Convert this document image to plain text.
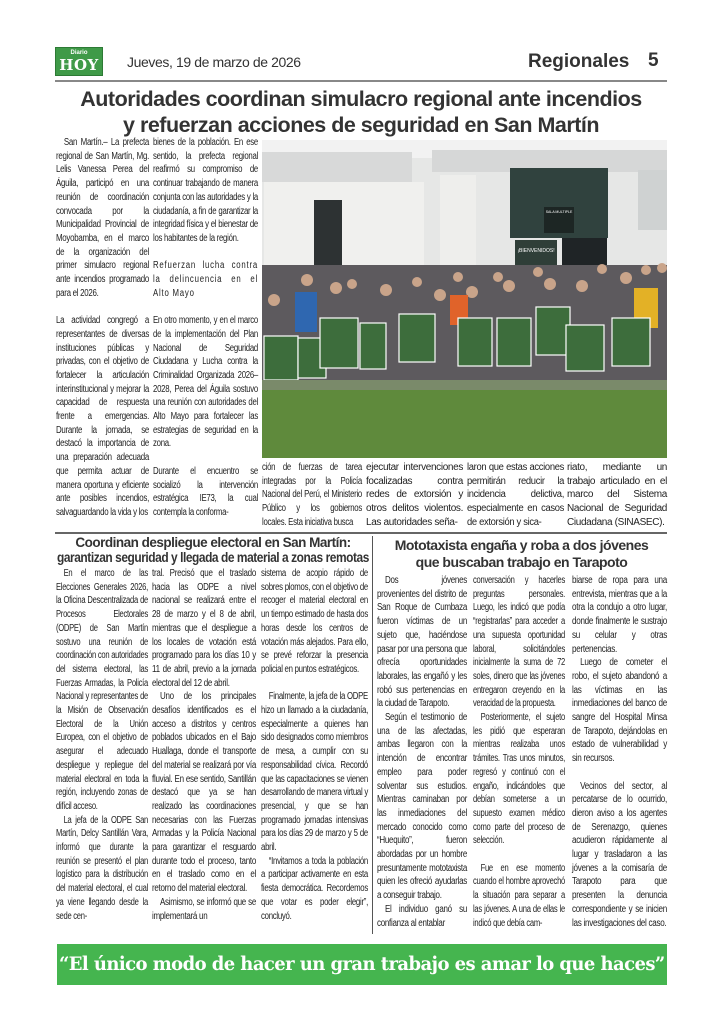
Diario
HOY Jueves, 19 de marzo de 2026	Regionales 5
Autoridades coordinan simulacro regional ante incendios
y refuerzan acciones de seguridad en San Martín

San Martín.– La prefecta regional de San Martín, Mg. Lelis Vanessa Perea del Águila, participó en una reunión de coordinación convocada por la Municipalidad Provincial de Moyobamba, en el marco de la organización del primer simulacro regional ante incendios programado para el 2026.

La actividad congregó a representantes de diversas instituciones públicas y privadas, con el objetivo de fortalecer la articulación interinstitucional y mejorar la capacidad de respuesta frente a emergencias. Durante la jornada, se destacó la importancia de una preparación adecuada que permita actuar de manera oportuna y eficiente ante posibles incendios, salvaguardando la vida y los

bienes de la población. En ese sentido, la prefecta regional reafirmó su compromiso de continuar trabajando de manera conjunta con las autoridades y la ciudadanía, a fin de garantizar la integridad física y el bienestar de los habitantes de la región.

Refuerzan lucha contra la delincuencia en el Alto Mayo

En otro momento, y en el marco de la implementación del Plan Nacional de Seguridad Ciudadana y Lucha contra la Criminalidad Organizada 2026–2028, Perea del Águila sostuvo una reunión con autoridades del Alto Mayo para fortalecer las estrategias de seguridad en la zona.

Durante el encuentro se socializó la intervención estratégica IE73, la cual contempla la conforma-

SALA MULTIPLE
¡BIENVENIDOS!

ción de fuerzas de tarea integradas por la Policía Nacional del Perú, el Ministerio Público y los gobiernos locales. Esta iniciativa busca

ejecutar intervenciones focalizadas contra redes de extorsión y otros delitos violentos. Las autoridades seña-

laron que estas acciones permitirán reducir la incidencia delictiva, especialmente en casos de extorsión y sica-

riato, mediante un trabajo articulado en el marco del Sistema Nacional de Seguridad Ciudadana (SINASEC).

Coordinan despliegue electoral en San Martín:
garantizan seguridad y llegada de material a zonas remotas

En el marco de las Elecciones Generales 2026, la Oficina Descentralizada de Procesos Electorales (ODPE) de San Martín sostuvo una reunión de coordinación con autoridades del sistema electoral, las Fuerzas Armadas, la Policía Nacional y representantes de la Misión de Observación Electoral de la Unión Europea, con el objetivo de asegurar el adecuado despliegue y repliegue del material electoral en toda la región, incluyendo zonas de difícil acceso.

La jefa de la ODPE San Martín, Delcy Santillán Vara, informó que durante la reunión se presentó el plan logístico para la distribución del material electoral, el cual ya viene llegando desde la sede cen-

tral. Precisó que el traslado hacia las ODPE a nivel nacional se realizará entre el 28 de marzo y el 8 de abril, mientras que el despliegue a los locales de votación está programado para los días 10 y 11 de abril, previo a la jornada electoral del 12 de abril.

Uno de los principales desafíos identificados es el acceso a distritos y centros poblados ubicados en el Bajo Huallaga, donde el transporte del material se realizará por vía fluvial. En ese sentido, Santillán destacó que ya se han realizado las coordinaciones necesarias con las Fuerzas Armadas y la Policía Nacional para garantizar el resguardo durante todo el proceso, tanto en el traslado como en el retorno del material electoral.

Asimismo, se informó que se implementará un

sistema de acopio rápido de sobres plomos, con el objetivo de recoger el material electoral en un tiempo estimado de hasta dos horas desde los centros de votación más alejados. Para ello, se prevé reforzar la presencia policial en puntos estratégicos.

Finalmente, la jefa de la ODPE hizo un llamado a la ciudadanía, especialmente a quienes han sido designados como miembros de mesa, a cumplir con su responsabilidad cívica. Recordó que las capacitaciones se vienen desarrollando de manera virtual y presencial, y que se han programado jornadas intensivas para los días 29 de marzo y 5 de abril.

“Invitamos a toda la población a participar activamente en esta fiesta democrática. Recordemos que votar es poder elegir”, concluyó.

Mototaxista engaña y roba a dos jóvenes
que buscaban trabajo en Tarapoto

Dos jóvenes provenientes del distrito de San Roque de Cumbaza fueron víctimas de un sujeto que, haciéndose pasar por una persona que ofrecía oportunidades laborales, las engañó y les robó sus pertenencias en la ciudad de Tarapoto.

Según el testimonio de una de las afectadas, ambas llegaron con la intención de encontrar empleo para poder solventar sus estudios. Mientras caminaban por las inmediaciones del mercado conocido como “Huequito”, fueron abordadas por un hombre presuntamente mototaxista quien les ofreció ayudarlas a conseguir trabajo.

El individuo ganó su confianza al entablar

conversación y hacerles preguntas personales. Luego, les indicó que podía “registrarlas” para acceder a una supuesta oportunidad laboral, solicitándoles inicialmente la suma de 72 soles, dinero que las jóvenes entregaron creyendo en la veracidad de la propuesta.

Posteriormente, el sujeto les pidió que esperaran mientras realizaba unos trámites. Tras unos minutos, regresó y continuó con el engaño, indicándoles que debían someterse a un supuesto examen médico como parte del proceso de selección.

Fue en ese momento cuando el hombre aprovechó la situación para separar a las jóvenes. A una de ellas le indicó que debía cam-

biarse de ropa para una entrevista, mientras que a la otra la condujo a otro lugar, donde finalmente le sustrajo su celular y otras pertenencias.

Luego de cometer el robo, el sujeto abandonó a las víctimas en las inmediaciones del banco de sangre del Hospital Minsa de Tarapoto, dejándolas en estado de vulnerabilidad y sin recursos.

Vecinos del sector, al percatarse de lo ocurrido, dieron aviso a los agentes de Serenazgo, quienes acudieron rápidamente al lugar y trasladaron a las jóvenes a la comisaría de Tarapoto para que presenten la denuncia correspondiente y se inicien las investigaciones del caso.

“El único modo de hacer un gran trabajo es amar lo que haces”
